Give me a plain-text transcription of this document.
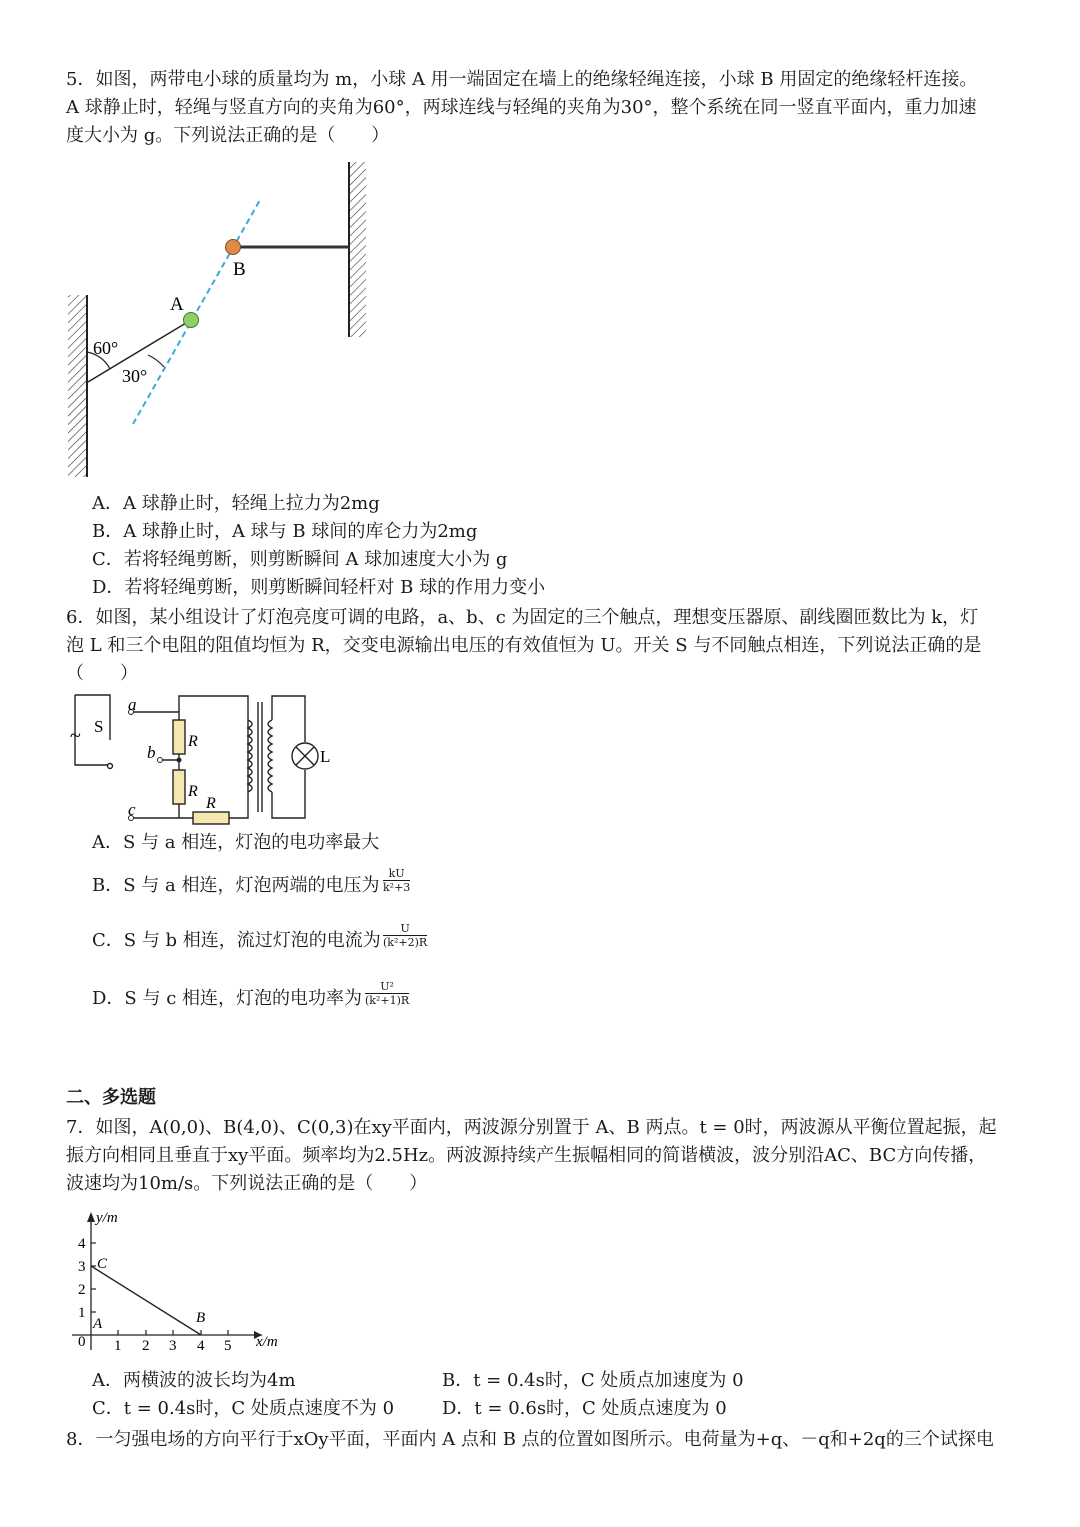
5．如图，两带电小球的质量均为 m，小球 A 用一端固定在墙上的绝缘轻绳连接，小球 B 用固定的绝缘轻杆连接。
A 球静止时，轻绳与竖直方向的夹角为60°，两球连线与轻绳的夹角为30°，整个系统在同一竖直平面内，重力加速
度大小为 g。下列说法正确的是（　　）
B
A
60°
30°
A．A 球静止时，轻绳上拉力为2mg
B．A 球静止时，A 球与 B 球间的库仑力为2mg
C．若将轻绳剪断，则剪断瞬间 A 球加速度大小为 g
D．若将轻绳剪断，则剪断瞬间轻杆对 B 球的作用力变小
6．如图，某小组设计了灯泡亮度可调的电路，a、b、c 为固定的三个触点，理想变压器原、副线圈匝数比为 k，灯
泡 L 和三个电阻的阻值均恒为 R，交变电源输出电压的有效值恒为 U。开关 S 与不同触点相连，下列说法正确的是
（　　）
~ S
a
b
c
R
R
R
L
A．S 与 a 相连，灯泡的电功率最大
B．S 与 a 相连，灯泡两端的电压为 $\frac{kU}{\text{k²+3}}$
C．S 与 b 相连，流过灯泡的电流为 $\frac{U}{\text{(k²+2)R}}$
D．S 与 c 相连，灯泡的电功率为 $\frac{\text{U²}}{\text{(k²+1)R}}$
二、多选题
7．如图，A(0,0)、B(4,0)、C(0,3)在xy平面内，两波源分别置于 A、B 两点。t = 0时，两波源从平衡位置起振，起
振方向相同且垂直于xy平面。频率均为2.5Hz。两波源持续产生振幅相同的简谐横波，波分别沿AC、BC方向传播，
波速均为10m/s。下列说法正确的是（　　）
1 2 3 4 5
1
2
3
4
0
y/m
x/m
A	B
C
A．两横波的波长均为4m	B．t = 0.4s时，C 处质点加速度为 0
C．t = 0.4s时，C 处质点速度不为 0	D．t = 0.6s时，C 处质点速度为 0
8．一匀强电场的方向平行于xOy平面，平面内 A 点和 B 点的位置如图所示。电荷量为+q、－q和+2q的三个试探电
